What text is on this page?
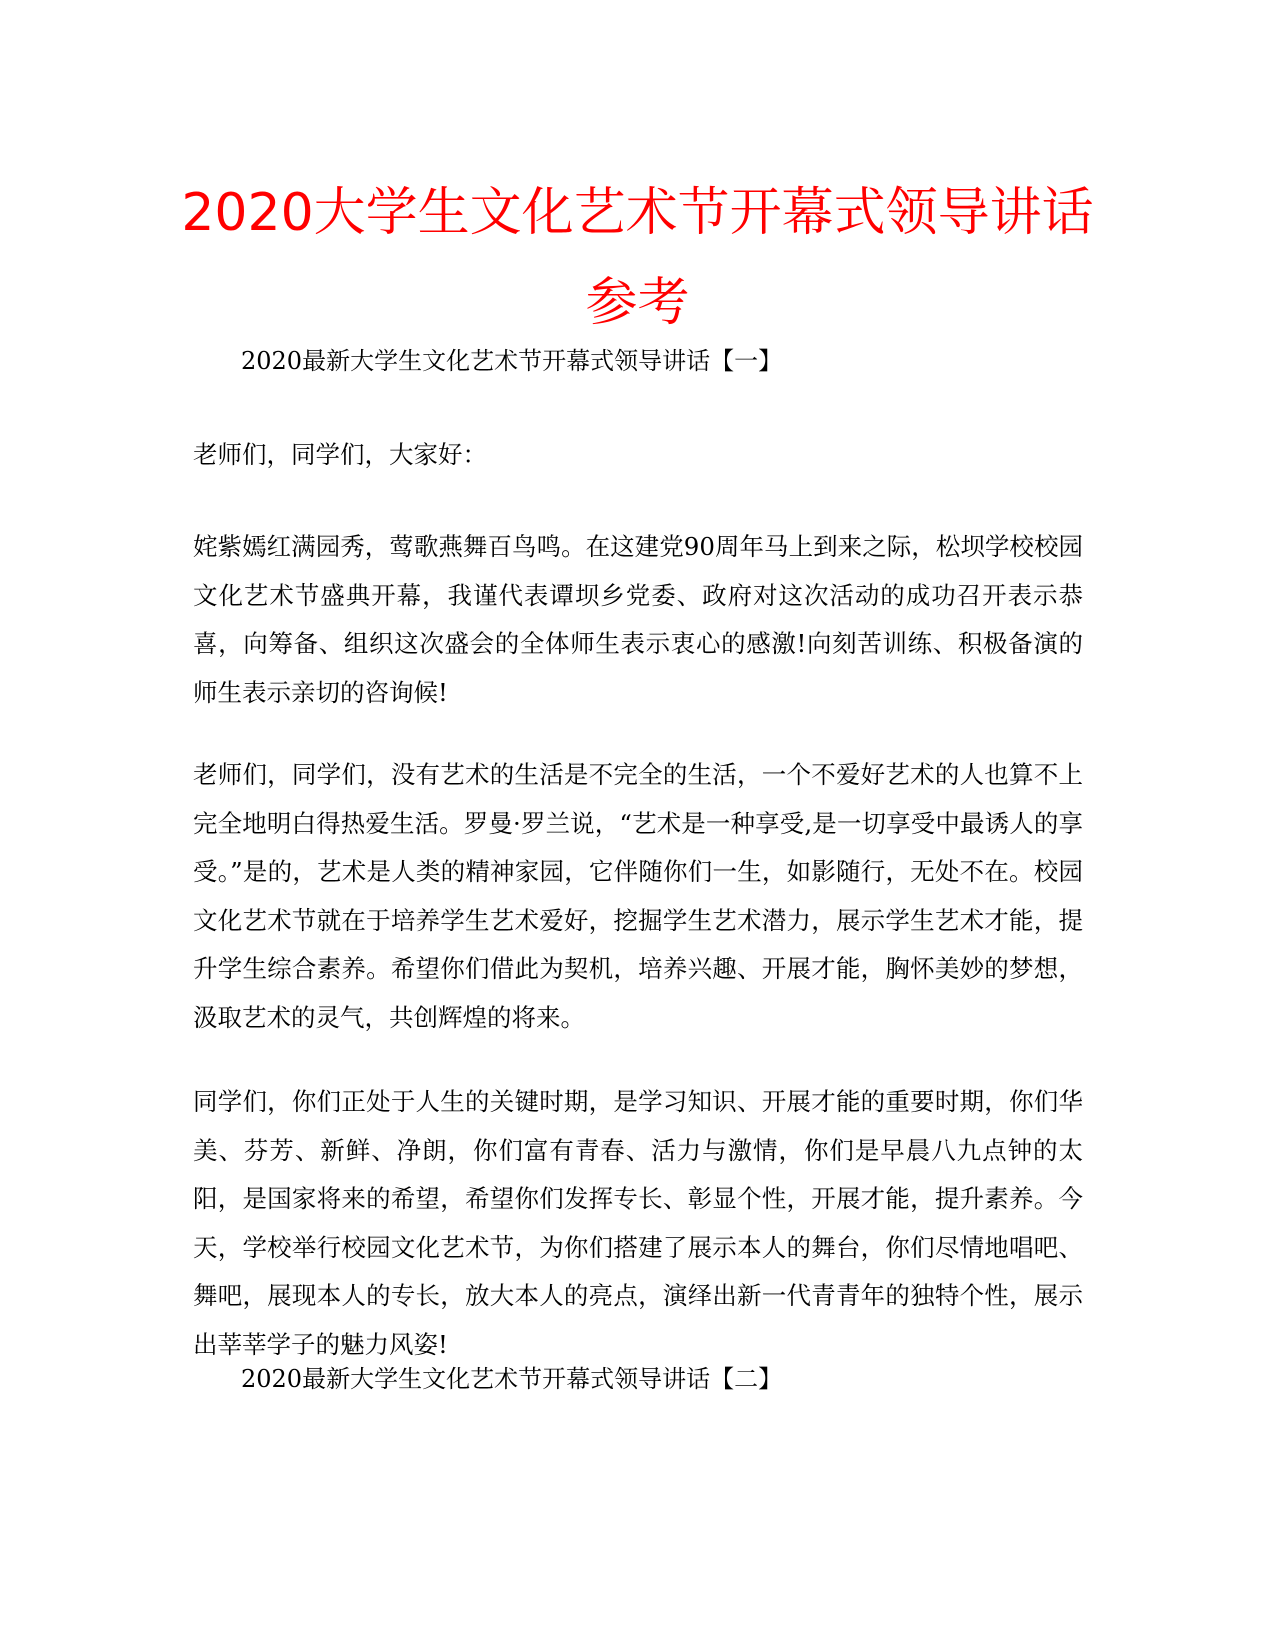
2020大学生文化艺术节开幕式领导讲话参考

2020最新大学生文化艺术节开幕式领导讲话【一】

老师们，同学们，大家好：

姹紫嫣红满园秀，莺歌燕舞百鸟鸣。在这建党90周年马上到来之际，松坝学校校园文化艺术节盛典开幕，我谨代表谭坝乡党委、政府对这次活动的成功召开表示恭喜，向筹备、组织这次盛会的全体师生表示衷心的感激!向刻苦训练、积极备演的师生表示亲切的咨询候!

老师们，同学们，没有艺术的生活是不完全的生活，一个不爱好艺术的人也算不上完全地明白得热爱生活。罗曼·罗兰说，“艺术是一种享受,是一切享受中最诱人的享受。”是的，艺术是人类的精神家园，它伴随你们一生，如影随行，无处不在。校园文化艺术节就在于培养学生艺术爱好，挖掘学生艺术潜力，展示学生艺术才能，提升学生综合素养。希望你们借此为契机，培养兴趣、开展才能，胸怀美妙的梦想，汲取艺术的灵气，共创辉煌的将来。

同学们，你们正处于人生的关键时期，是学习知识、开展才能的重要时期，你们华美、芬芳、新鲜、净朗，你们富有青春、活力与激情，你们是早晨八九点钟的太阳，是国家将来的希望，希望你们发挥专长、彰显个性，开展才能，提升素养。今天，学校举行校园文化艺术节，为你们搭建了展示本人的舞台，你们尽情地唱吧、舞吧，展现本人的专长，放大本人的亮点，演绎出新一代青青年的独特个性，展示出莘莘学子的魅力风姿!

2020最新大学生文化艺术节开幕式领导讲话【二】
